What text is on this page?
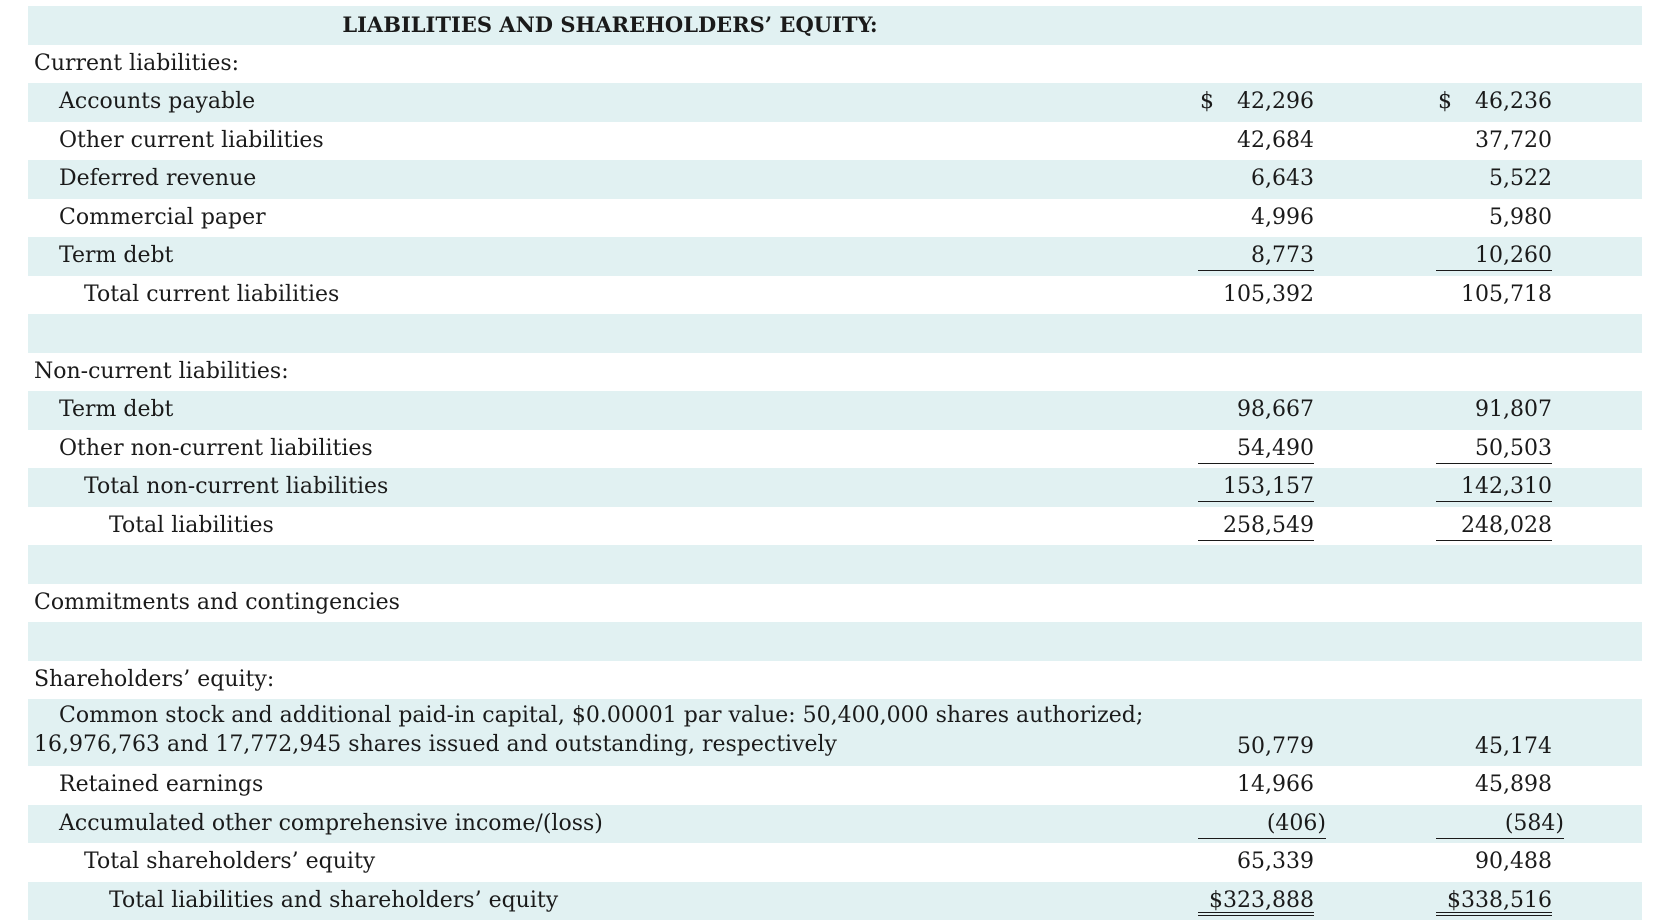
LIABILITIES AND SHAREHOLDERS’ EQUITY:
Current liabilities:
Accounts payable	$ 42,296	$ 46,236
Other current liabilities	42,684	37,720
Deferred revenue	6,643	5,522
Commercial paper	4,996	5,980
Term debt	8,773	10,260
Total current liabilities	105,392	105,718
Non-current liabilities:
Term debt	98,667	91,807
Other non-current liabilities	54,490	50,503
Total non-current liabilities	153,157	142,310
Total liabilities	258,549	248,028
Commitments and contingencies
Shareholders’ equity:
Common stock and additional paid-in capital, $0.00001 par value: 50,400,000 shares authorized;
16,976,763 and 17,772,945 shares issued and outstanding, respectively	50,779	45,174
Retained earnings	14,966	45,898
Accumulated other comprehensive income/(loss)	(406)	(584)
Total shareholders’ equity	65,339	90,488
Total liabilities and shareholders’ equity	$323,888	$338,516
